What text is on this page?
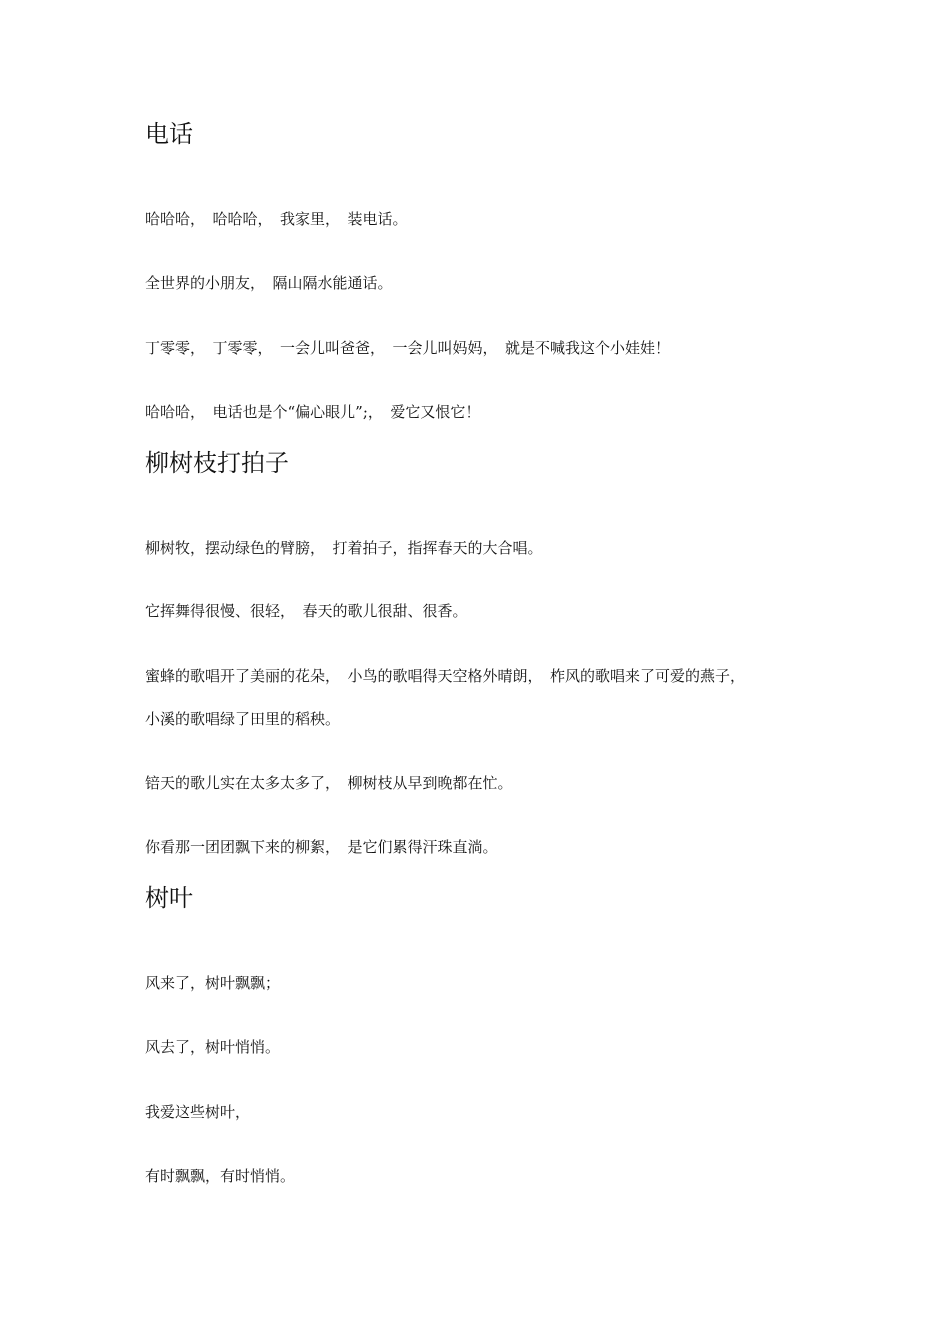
电话

哈哈哈，　哈哈哈，　我家里，　装电话。

全世界的小朋友，　隔山隔水能通话。

丁零零，　丁零零，　一会儿叫爸爸，　一会儿叫妈妈，　就是不喊我这个小娃娃！

哈哈哈，　电话也是个“偏心眼儿”;，　爱它又恨它！

柳树枝打拍子

柳树牧，摆动绿色的臂膀，　打着拍子，指挥春天的大合唱。

它挥舞得很慢、很轻，　春天的歌儿很甜、很香。

蜜蜂的歌唱开了美丽的花朵，　小鸟的歌唱得天空格外晴朗，　柞风的歌唱来了可爱的燕子，

小溪的歌唱绿了田里的稻秧。

锫天的歌儿实在太多太多了，　柳树枝从早到晚都在忙。

你看那一团团飘下来的柳絮，　是它们累得汗珠直淌。

树叶

风来了，树叶飘飘；

风去了，树叶悄悄。

我爱这些树叶，

有时飘飘，有时悄悄。
